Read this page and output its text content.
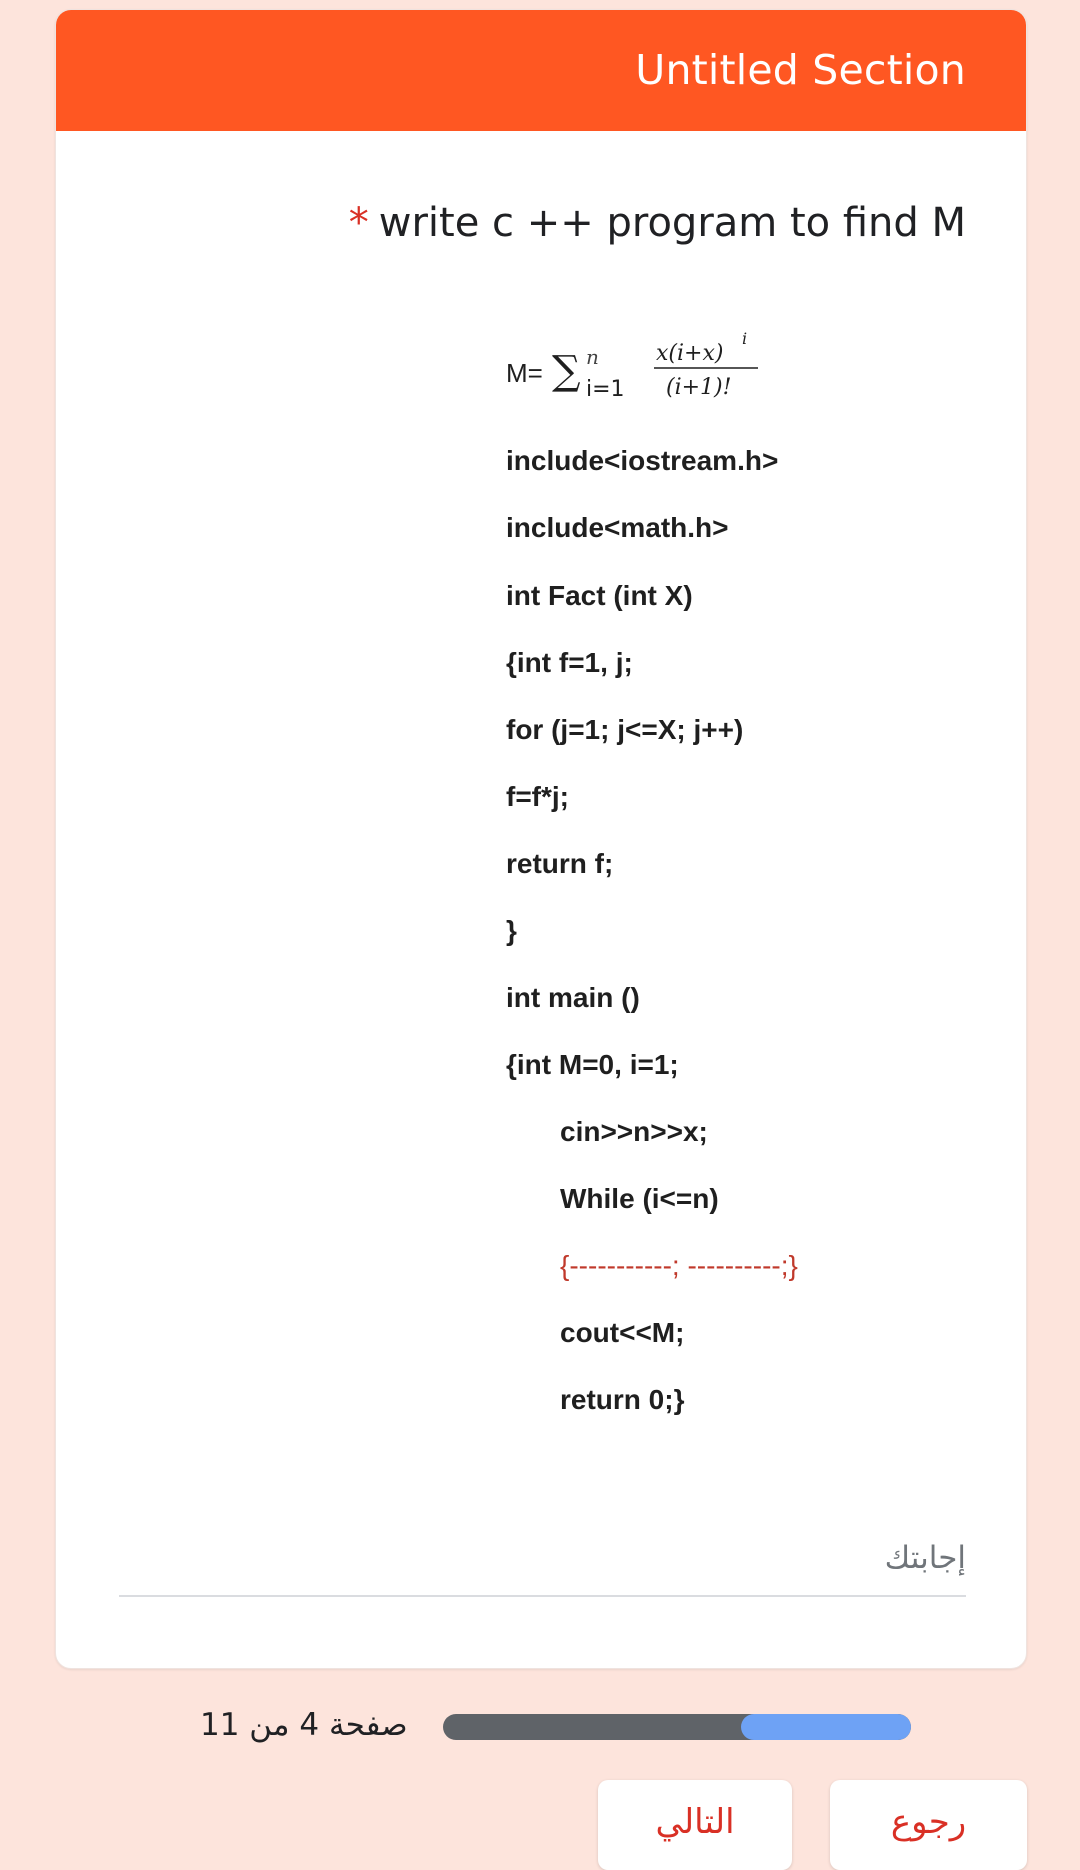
Untitled Section
* write c ++ program to find M
M= ∑ n
i=1
x(i+x)
i
(i+1)!
include<iostream.h>
include<math.h>
int Fact (int X)
{int f=1, j;
for (j=1; j<=X; j++)
f=f*j;
return f;
}
int main ()
{int M=0, i=1;
cin>>n>>x;
While (i<=n)
{-----------; ----------;}
cout<<M;
return 0;}
إجابتك
صفحة 4 من 11
التالي	رجوع
